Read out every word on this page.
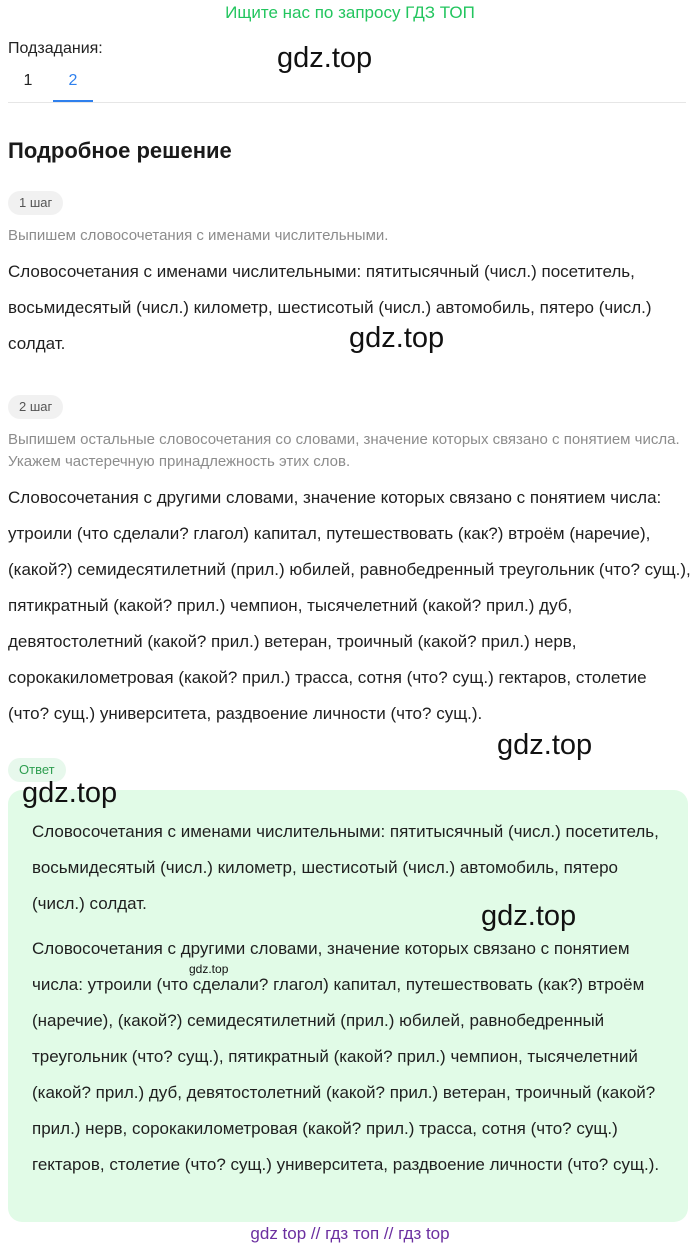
Ищите нас по запросу ГДЗ ТОП
Подзадания:
1	2
gdz.top
Подробное решение
1 шаг
Выпишем словосочетания с именами числительными.
Словосочетания с именами числительными: пятитысячный (числ.) посетитель, восьмидесятый (числ.) километр, шестисотый (числ.) автомобиль, пятеро (числ.) солдат.	gdz.top
2 шаг
Выпишем остальные словосочетания со словами, значение которых связано с понятием числа. Укажем частеречную принадлежность этих слов.
Словосочетания с другими словами, значение которых связано с понятием числа: утроили (что сделали? глагол) капитал, путешествовать (как?) втроём (наречие), (какой?) семидесятилетний (прил.) юбилей, равнобедренный треугольник (что? сущ.), пятикратный (какой? прил.) чемпион, тысячелетний (какой? прил.) дуб, девятостолетний (какой? прил.) ветеран, троичный (какой? прил.) нерв, сорокакилометровая (какой? прил.) трасса, сотня (что? сущ.) гектаров, столетие (что? сущ.) университета, раздвоение личности (что? сущ.).
gdz.top
Ответ
Словосочетания с именами числительными: пятитысячный (числ.) посетитель, восьмидесятый (числ.) километр, шестисотый (числ.) автомобиль, пятеро (числ.) солдат.
Словосочетания с другими словами, значение которых связано с понятием числа: утроили (что сделали? глагол) капитал, путешествовать (как?) втроём (наречие), (какой?) семидесятилетний (прил.) юбилей, равнобедренный треугольник (что? сущ.), пятикратный (какой? прил.) чемпион, тысячелетний (какой? прил.) дуб, девятостолетний (какой? прил.) ветеран, троичный (какой? прил.) нерв, сорокакилометровая (какой? прил.) трасса, сотня (что? сущ.) гектаров, столетие (что? сущ.) университета, раздвоение личности (что? сущ.).
gdz.top
gdz.top
gdz.top
gdz top // гдз топ // гдз top
